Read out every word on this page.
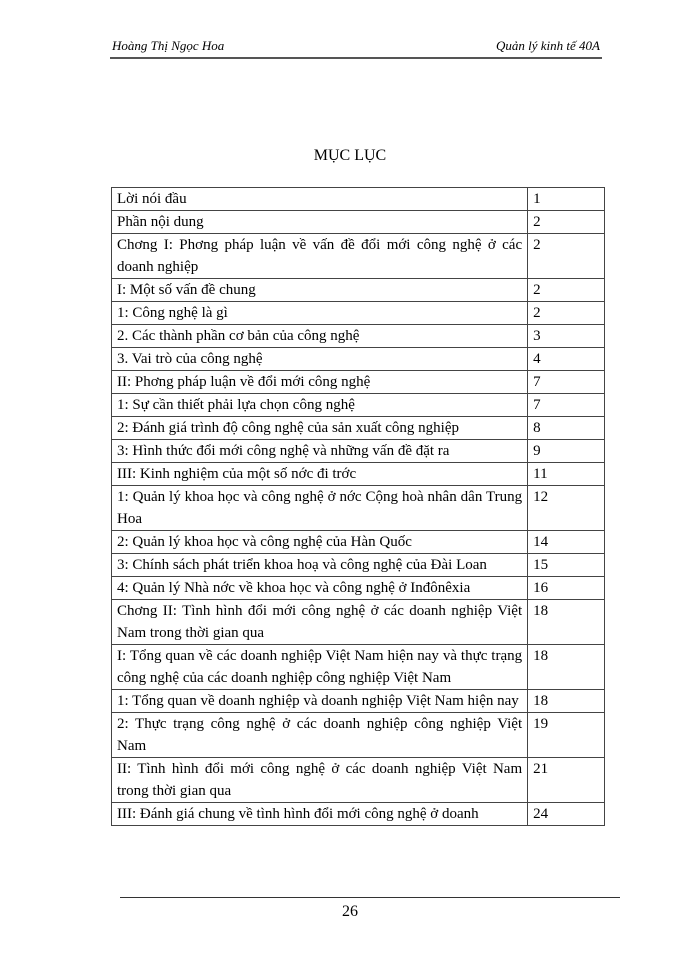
Hoàng Thị Ngọc Hoa	Quản lý kinh tế 40A
MỤC LỤC
Lời nói đầu	1
Phần nội dung	2
Chơng I: Phơng pháp luận về vấn đề đổi mới công nghệ ở các doanh nghiệp	2
I: Một số vấn đề chung	2
1: Công nghệ là gì	2
2. Các thành phần cơ bản của công nghệ	3
3. Vai trò của công nghệ	4
II: Phơng pháp luận về đổi mới công nghệ	7
1: Sự cần thiết phải lựa chọn công nghệ	7
2: Đánh giá trình độ công nghệ của sản xuất công nghiệp	8
3: Hình thức đổi mới công nghệ và những vấn đề đặt ra	9
III: Kinh nghiệm của một số nớc đi trớc	11
1: Quản lý khoa học và công nghệ ở nớc Cộng hoà nhân dân Trung Hoa	12
2: Quản lý khoa học và công nghệ của Hàn Quốc	14
3: Chính sách phát triển khoa hoạ và công nghệ của Đài Loan	15
4: Quản lý Nhà nớc về khoa học và công nghệ ở Inđônêxia	16
Chơng II: Tình hình đổi mới công nghệ ở các doanh nghiệp Việt Nam trong thời gian qua	18
I: Tổng quan về các doanh nghiệp Việt Nam hiện nay và thực trạng công nghệ của các doanh nghiệp công nghiệp Việt Nam	18
1: Tổng quan về doanh nghiệp và doanh nghiệp Việt Nam hiện nay	18
2: Thực trạng công nghệ ở các doanh nghiệp công nghiệp Việt Nam	19
II: Tình hình đổi mới công nghệ ở các doanh nghiệp Việt Nam trong thời gian qua	21
III: Đánh giá chung về tình hình đổi mới công nghệ ở doanh	24
26
